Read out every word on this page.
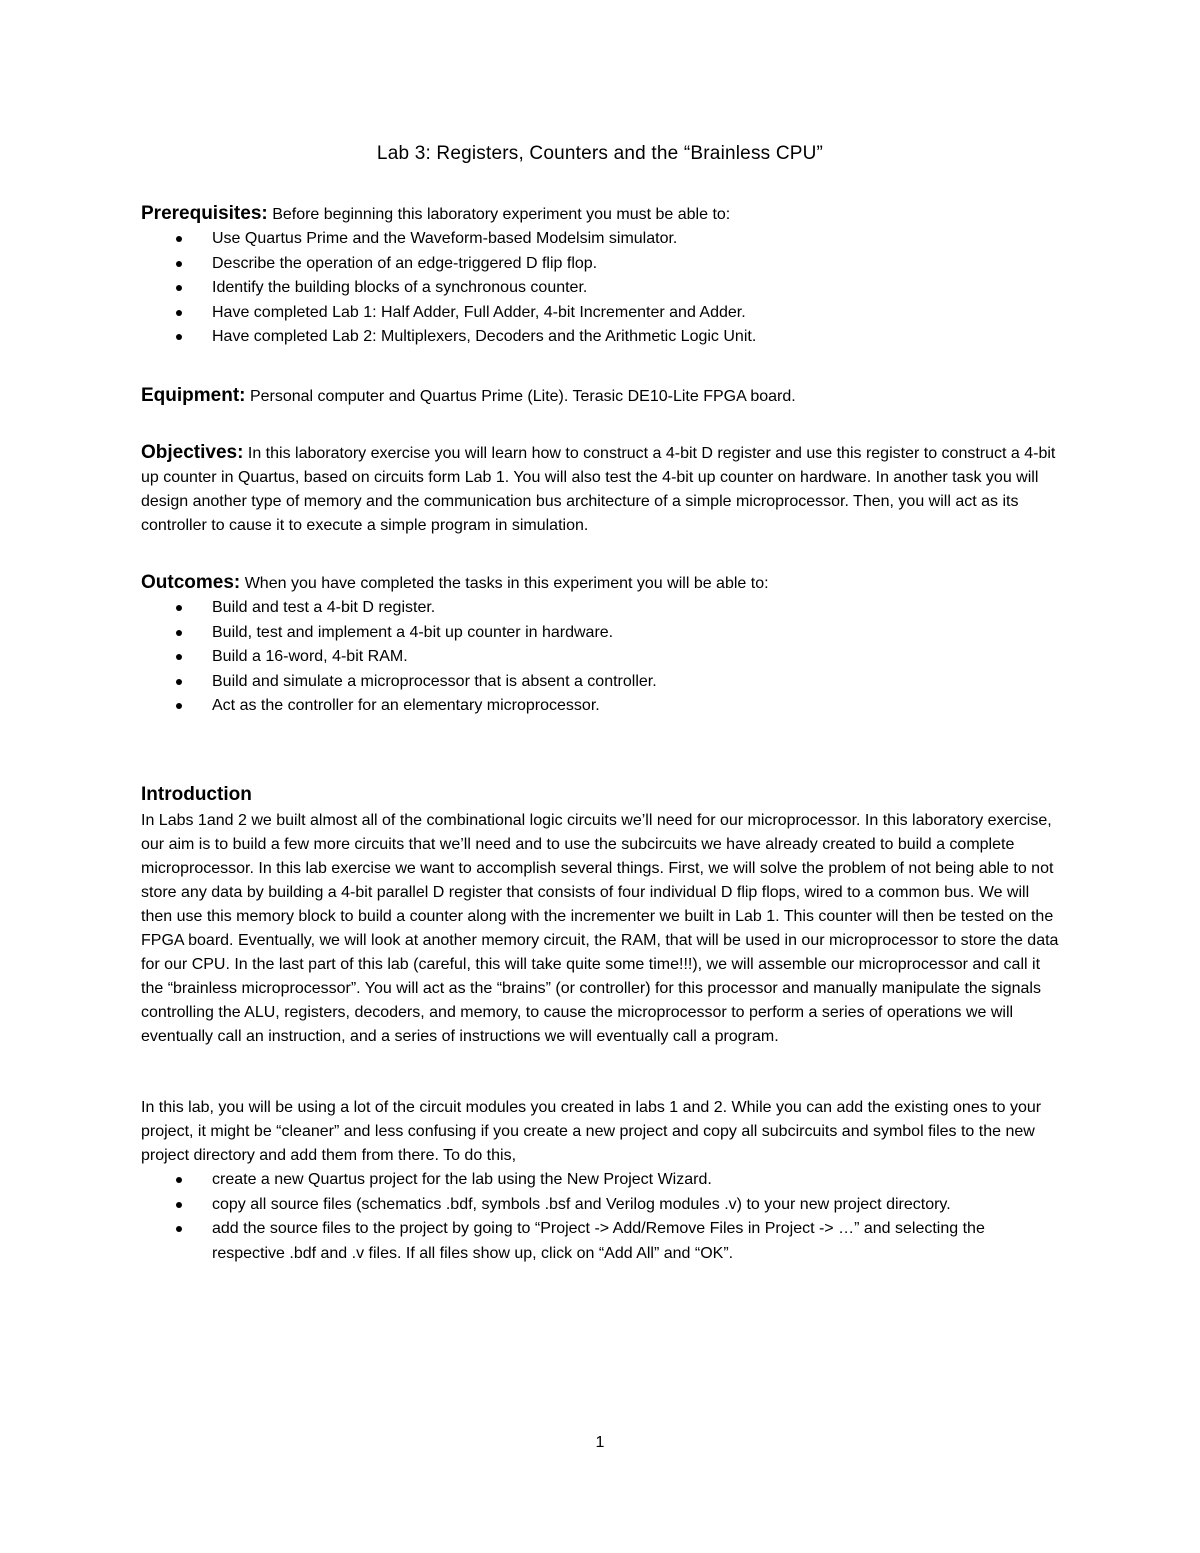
Lab 3: Registers, Counters and the “Brainless CPU”
Prerequisites: Before beginning this laboratory experiment you must be able to:
Use Quartus Prime and the Waveform-based Modelsim simulator.
Describe the operation of an edge-triggered D flip flop.
Identify the building blocks of a synchronous counter.
Have completed Lab 1: Half Adder, Full Adder, 4-bit Incrementer and Adder.
Have completed Lab 2: Multiplexers, Decoders and the Arithmetic Logic Unit.
Equipment: Personal computer and Quartus Prime (Lite). Terasic DE10-Lite FPGA board.
Objectives: In this laboratory exercise you will learn how to construct a 4-bit D register and use this register to construct a 4-bit up counter in Quartus, based on circuits form Lab 1. You will also test the 4-bit up counter on hardware. In another task you will design another type of memory and the communication bus architecture of a simple microprocessor. Then, you will act as its controller to cause it to execute a simple program in simulation.
Outcomes: When you have completed the tasks in this experiment you will be able to:
Build and test a 4-bit D register.
Build, test and implement a 4-bit up counter in hardware.
Build a 16-word, 4-bit RAM.
Build and simulate a microprocessor that is absent a controller.
Act as the controller for an elementary microprocessor.
Introduction

In Labs 1and 2 we built almost all of the combinational logic circuits we’ll need for our microprocessor. In this laboratory exercise, our aim is to build a few more circuits that we’ll need and to use the subcircuits we have already created to build a complete microprocessor. In this lab exercise we want to accomplish several things. First, we will solve the problem of not being able to not store any data by building a 4-bit parallel D register that consists of four individual D flip flops, wired to a common bus. We will then use this memory block to build a counter along with the incrementer we built in Lab 1. This counter will then be tested on the FPGA board. Eventually, we will look at another memory circuit, the RAM, that will be used in our microprocessor to store the data for our CPU. In the last part of this lab (careful, this will take quite some time!!!), we will assemble our microprocessor and call it the “brainless microprocessor”. You will act as the “brains” (or controller) for this processor and manually manipulate the signals controlling the ALU, registers, decoders, and memory, to cause the microprocessor to perform a series of operations we will eventually call an instruction, and a series of instructions we will eventually call a program.

In this lab, you will be using a lot of the circuit modules you created in labs 1 and 2. While you can add the existing ones to your project, it might be “cleaner” and less confusing if you create a new project and copy all subcircuits and symbol files to the new project directory and add them from there. To do this,

create a new Quartus project for the lab using the New Project Wizard.
copy all source files (schematics .bdf, symbols .bsf and Verilog modules .v) to your new project directory.
add the source files to the project by going to “Project -> Add/Remove Files in Project -> …” and selecting the respective .bdf and .v files. If all files show up, click on “Add All” and “OK”.
1
